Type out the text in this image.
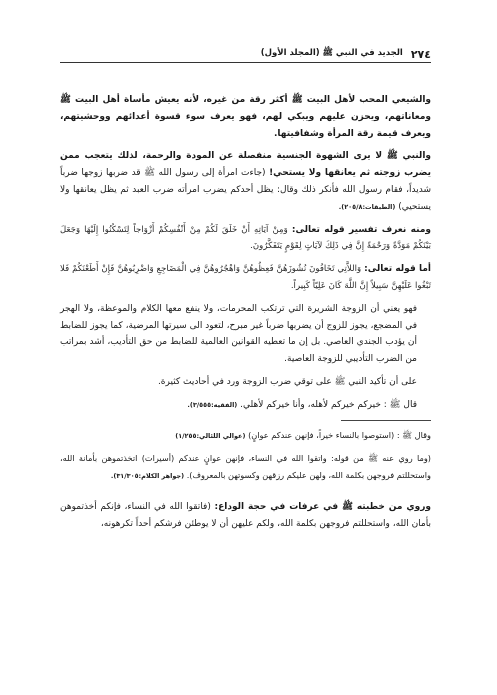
٢٧٤
الجديد في النبي ﷺ (المجلد الأول)

والشيعي المحب لأهل البيت ﷺ أكثر رقة من غيره، لأنه يعيش مأساة أهل البيت ﷺ ومعاناتهم، ويحزن عليهم ويبكي لهم، فهو يعرف سوء قسوة أعدائهم ووحشيتهم، ويعرف قيمة رقة المرأة وشفافيتها.

والنبي ﷺ لا يرى الشهوة الجنسية منفصلة عن المودة والرحمة، لذلك يتعجب ممن يضرب زوجته ثم يعانقها ولا يستحي! (جاءت امرأة إلى رسول الله ﷺ قد ضربها زوجها ضرباً شديداً، فقام رسول الله فأنكر ذلك وقال: يظل أحدكم يضرب امرأته ضرب العبد ثم يظل يعانقها ولا يستحيي) (الطبقات:٢٠٥/٨).

ومنه نعرف تفسير قوله تعالى: وَمِنْ آيَاتِهِ أَنْ خَلَقَ لَكُمْ مِنْ أَنْفُسِكُمْ أَزْوَاجاً لِتَسْكُنُوا إِلَيْهَا وَجَعَلَ بَيْنَكُمْ مَوَدَّةً وَرَحْمَةً إِنَّ فِي ذَلِكَ لآيَاتٍ لِقَوْمٍ يَتَفَكَّرُونَ.

أما قوله تعالى: وَاللاَّتِي تَخَافُونَ نُشُوزَهُنَّ فَعِظُوهُنَّ وَاهْجُرُوهُنَّ فِي الْمَضَاجِعِ وَاضْرِبُوهُنَّ فَإِنْ أَطَعْنَكُمْ فَلا تَبْغُوا عَلَيْهِنَّ سَبِيلاً إِنَّ اللَّهَ كَانَ عَلِيّاً كَبِيراً.

فهو يعني أن الزوجة الشريرة التي ترتكب المحرمات، ولا ينفع معها الكلام والموعظة، ولا الهجر في المضجع، يجوز للزوج أن يضربها ضرباً غير مبرح، لتعود الى سيرتها المرضية، كما يجوز للضابط أن يؤدب الجندي العاصي. بل إن ما تعطيه القوانين العالمية للضابط من حق التأديب، أشد بمراتب من الضرب التأديبي للزوجة العاصية.

على أن تأكيد النبي ﷺ على توقي ضرب الزوجة ورد في أحاديث كثيرة.

قال ﷺ : خيركم خيركم لأهله، وأنا خيركم لأهلي. (الفقيه:٣/٥٥٥).

وقال ﷺ : (استوصوا بالنساء خيراً، فإنهن عندكم عوانٍ) (عوالي اللئالي:١/٢٥٥)

(وما روي عنه ﷺ من قوله: واتقوا الله في النساء، فإنهن عوانٍ عندكم (أسيرات) اتخذتموهن بأمانة الله، واستحللتم فروجهن بكلمة الله، ولهن عليكم رزقهن وكسوتهن بالمعروف). (جواهر الكلام:٣١/٣٠٥).

وروي من خطبته ﷺ في عرفات في حجة الوداع: (فاتقوا الله في النساء، فإنكم أخذتموهن بأمان الله، واستحللتم فروجهن بكلمة الله، ولكم عليهن أن لا يوطئن فرشكم أحداً تكرهونه،
